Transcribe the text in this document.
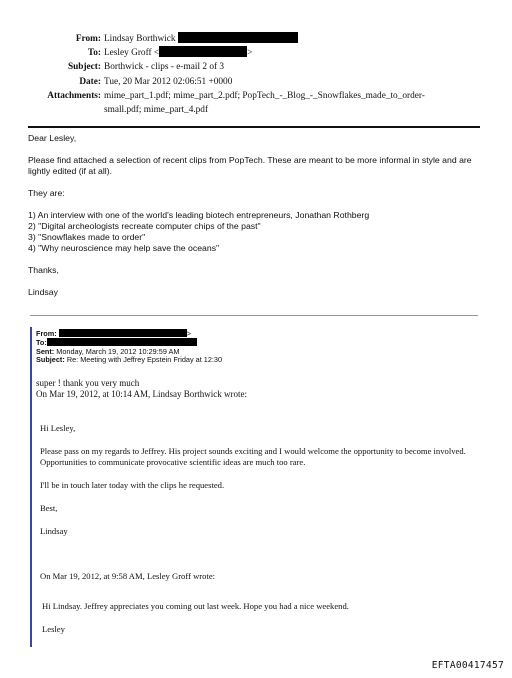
From: Lindsay Borthwick
To: Lesley Groff <	>
Subject: Borthwick - clips - e-mail 2 of 3
Date: Tue, 20 Mar 2012 02:06:51 +0000
Attachments: mime_part_1.pdf; mime_part_2.pdf; PopTech_-_Blog_-_Snowflakes_made_to_order-
small.pdf; mime_part_4.pdf

Dear Lesley,

Please find attached a selection of recent clips from PopTech. These are meant to be more informal in style and are lightly edited (if at all).

They are:

1) An interview with one of the world's leading biotech entrepreneurs, Jonathan Rothberg

2) "Digital archeologists recreate computer chips of the past"

3) "Snowflakes made to order"

4) "Why neuroscience may help save the oceans"

Thanks,

Lindsay

From:	>
To:
Sent: Monday, March 19, 2012 10:29:59 AM
Subject: Re: Meeting with Jeffrey Epstein Friday at 12:30

super ! thank you very much

On Mar 19, 2012, at 10:14 AM, Lindsay Borthwick wrote:

Hi Lesley,

Please pass on my regards to Jeffrey. His project sounds exciting and I would welcome the opportunity to become involved. Opportunities to communicate provocative scientific ideas are much too rare.

I'll be in touch later today with the clips he requested.

Best,

Lindsay

On Mar 19, 2012, at 9:58 AM, Lesley Groff wrote:

Hi Lindsay. Jeffrey appreciates you coming out last week. Hope you had a nice weekend.

Lesley

EFTA00417457
